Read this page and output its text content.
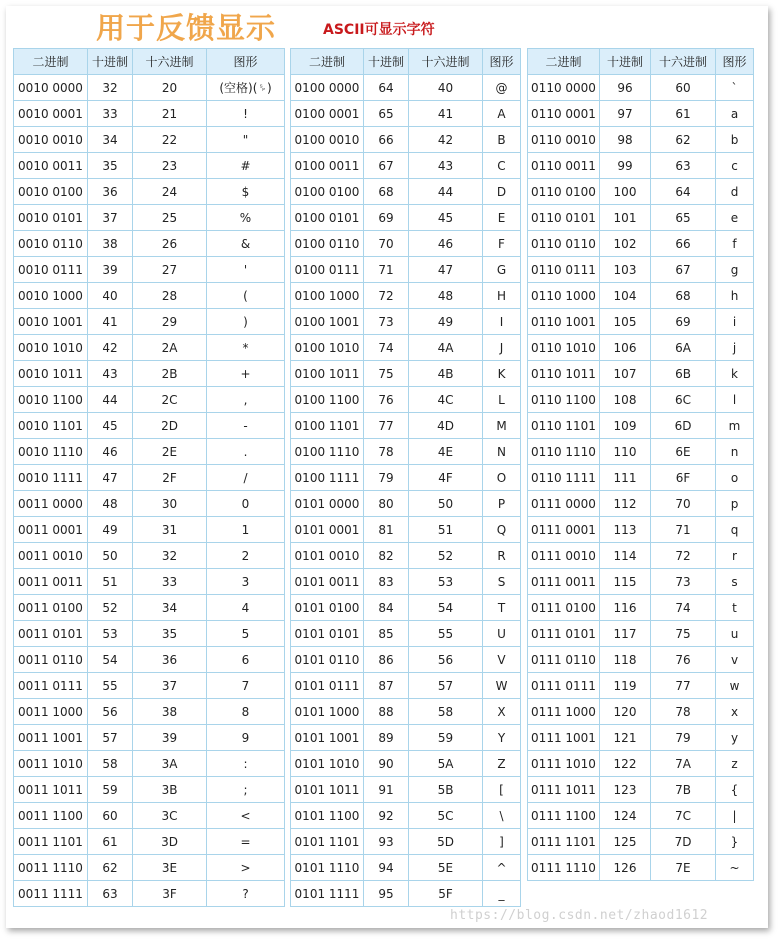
用于反馈显示	ASCII可显示字符
二进制	十进制	十六进制	图形
0010 0000	32	20	(空格)(␠)
0010 0001	33	21	!
0010 0010	34	22	"
0010 0011	35	23	#
0010 0100	36	24	$
0010 0101	37	25	%
0010 0110	38	26	&
0010 0111	39	27	'
0010 1000	40	28	(
0010 1001	41	29	)
0010 1010	42	2A	*
0010 1011	43	2B	+
0010 1100	44	2C	,
0010 1101	45	2D	-
0010 1110	46	2E	.
0010 1111	47	2F	/
0011 0000	48	30	0
0011 0001	49	31	1
0011 0010	50	32	2
0011 0011	51	33	3
0011 0100	52	34	4
0011 0101	53	35	5
0011 0110	54	36	6
0011 0111	55	37	7
0011 1000	56	38	8
0011 1001	57	39	9
0011 1010	58	3A	:
0011 1011	59	3B	;
0011 1100	60	3C	<
0011 1101	61	3D	=
0011 1110	62	3E	>
0011 1111	63	3F	?
二进制	十进制	十六进制	图形
0100 0000	64	40	@
0100 0001	65	41	A
0100 0010	66	42	B
0100 0011	67	43	C
0100 0100	68	44	D
0100 0101	69	45	E
0100 0110	70	46	F
0100 0111	71	47	G
0100 1000	72	48	H
0100 1001	73	49	I
0100 1010	74	4A	J
0100 1011	75	4B	K
0100 1100	76	4C	L
0100 1101	77	4D	M
0100 1110	78	4E	N
0100 1111	79	4F	O
0101 0000	80	50	P
0101 0001	81	51	Q
0101 0010	82	52	R
0101 0011	83	53	S
0101 0100	84	54	T
0101 0101	85	55	U
0101 0110	86	56	V
0101 0111	87	57	W
0101 1000	88	58	X
0101 1001	89	59	Y
0101 1010	90	5A	Z
0101 1011	91	5B	[
0101 1100	92	5C	\
0101 1101	93	5D	]
0101 1110	94	5E	^
0101 1111	95	5F	_
二进制	十进制	十六进制	图形
0110 0000	96	60	`
0110 0001	97	61	a
0110 0010	98	62	b
0110 0011	99	63	c
0110 0100	100	64	d
0110 0101	101	65	e
0110 0110	102	66	f
0110 0111	103	67	g
0110 1000	104	68	h
0110 1001	105	69	i
0110 1010	106	6A	j
0110 1011	107	6B	k
0110 1100	108	6C	l
0110 1101	109	6D	m
0110 1110	110	6E	n
0110 1111	111	6F	o
0111 0000	112	70	p
0111 0001	113	71	q
0111 0010	114	72	r
0111 0011	115	73	s
0111 0100	116	74	t
0111 0101	117	75	u
0111 0110	118	76	v
0111 0111	119	77	w
0111 1000	120	78	x
0111 1001	121	79	y
0111 1010	122	7A	z
0111 1011	123	7B	{
0111 1100	124	7C	|
0111 1101	125	7D	}
0111 1110	126	7E	~
https://blog.csdn.net/zhaod1612
